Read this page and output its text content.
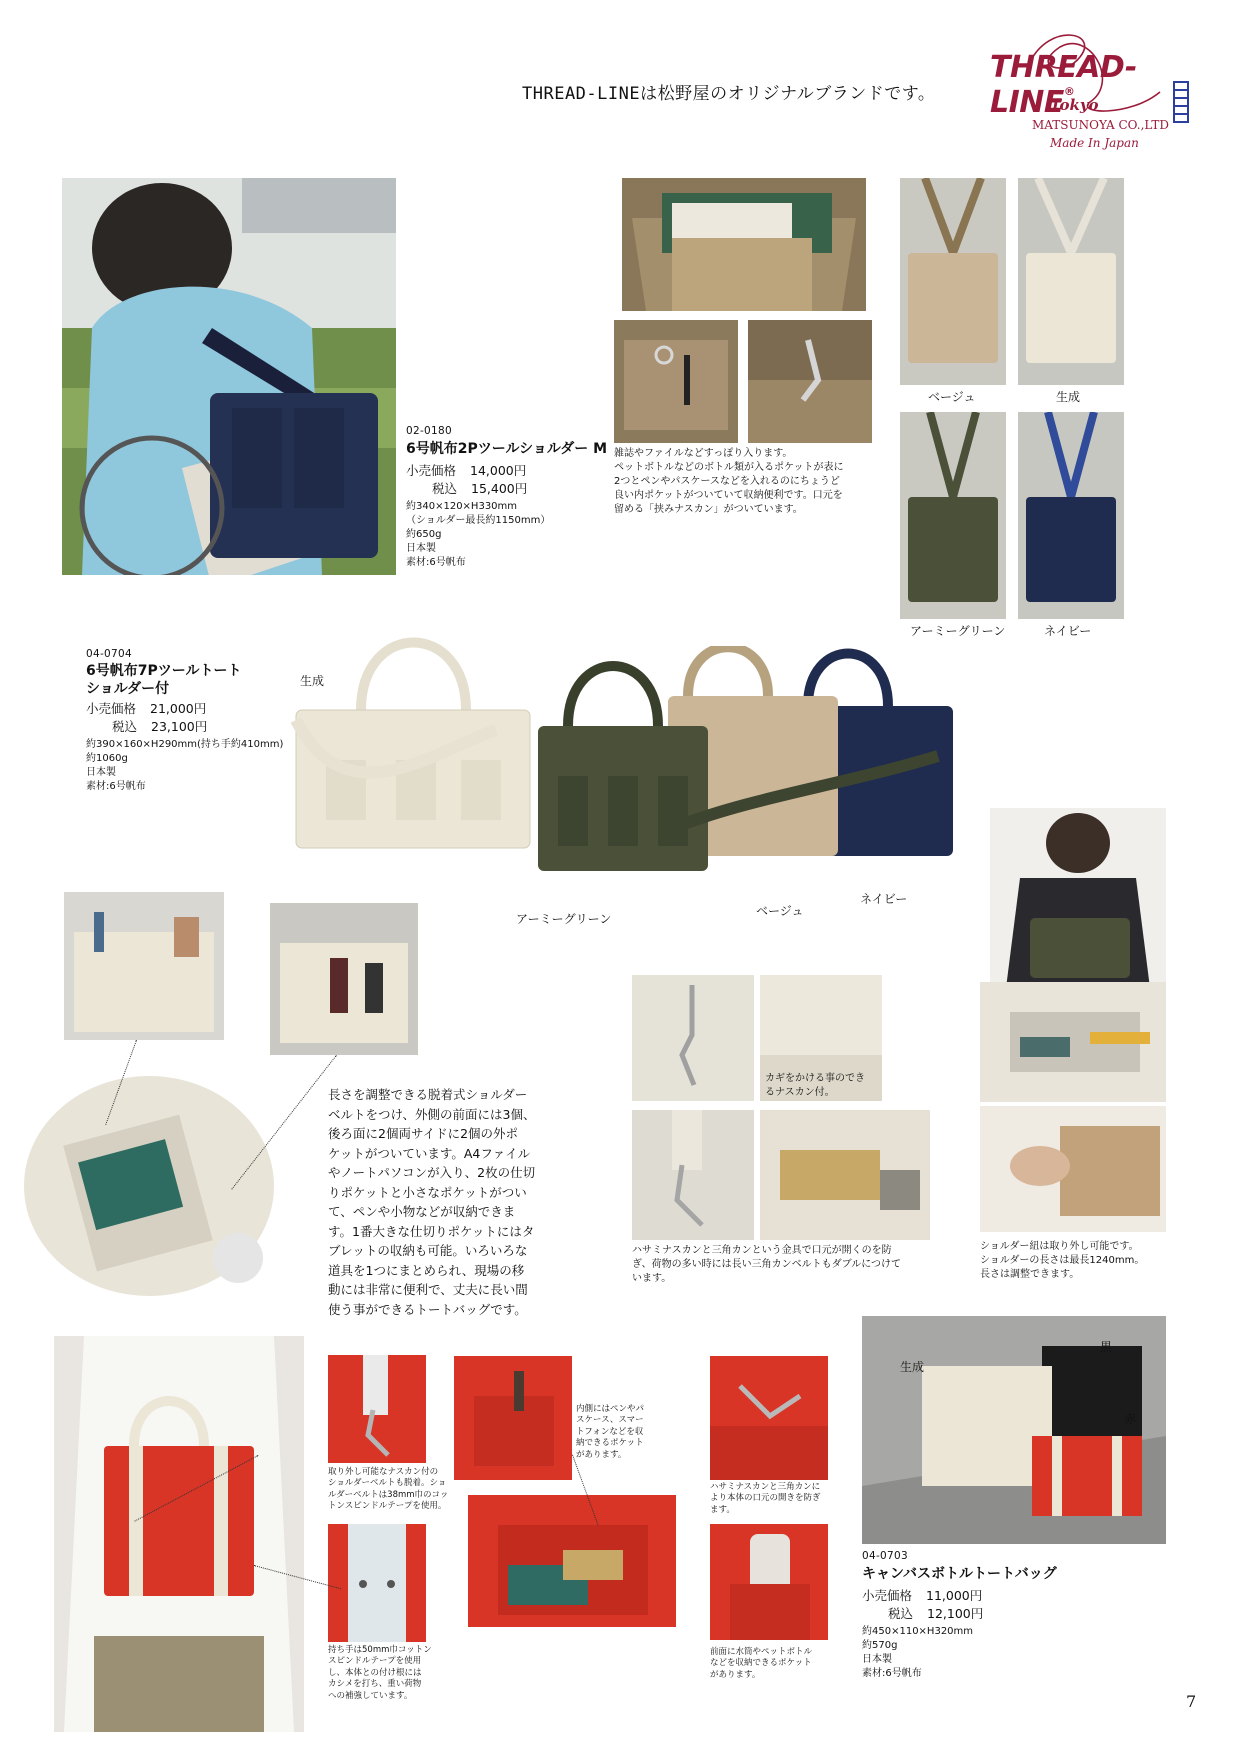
THREAD-LINEは松野屋のオリジナルブランドです。
THREAD-LINE®
Tokyo
MATSUNOYA CO.,LTD
Made In Japan
02-0180
6号帆布2Pツールショルダー M
小売価格 14,000円
税込 15,400円
約340×120×H330mm
（ショルダー最長約1150mm）
約650g
日本製
素材:6号帆布
雑誌やファイルなどすっぽり入ります。
ペットボトルなどのボトル類が入るポケットが表に
2つとペンやパスケースなどを入れるのにちょうど
良い内ポケットがついていて収納便利です。口元を
留める「挟みナスカン」がついています。
ベージュ	生成
アーミーグリーン	ネイビー
04-0704
6号帆布7Pツールトート
ショルダー付
小売価格 21,000円
税込 23,100円
約390×160×H290mm(持ち手約410mm)
約1060g
日本製
素材:6号帆布
生成
アーミーグリーン
ベージュ
ネイビー
長さを調整できる脱着式ショルダー
ベルトをつけ、外側の前面には3個、
後ろ面に2個両サイドに2個の外ポ
ケットがついています。A4ファイル
やノートパソコンが入り、2枚の仕切
りポケットと小さなポケットがつい
て、ペンや小物などが収納できま
す。1番大きな仕切りポケットにはタ
ブレットの収納も可能。いろいろな
道具を1つにまとめられ、現場の移
動には非常に便利で、丈夫に長い間
使う事ができるトートバッグです。
カギをかける事のでき
るナスカン付。
ハサミナスカンと三角カンという金具で口元が開くのを防
ぎ、荷物の多い時には長い三角カンベルトもダブルにつけて
います。
ショルダー紐は取り外し可能です。
ショルダーの長さは最長1240mm。
長さは調整できます。
取り外し可能なナスカン付の
ショルダーベルトも脱着。ショ
ルダーベルトは38mm巾のコッ
トンスピンドルテープを使用。
持ち手は50mm巾コットン
スピンドルテープを使用
し、本体との付け根には
カシメを打ち、重い荷物
への補強しています。
内側にはペンやパ
スケース、スマー
トフォンなどを収
納できるポケット
があります。
ハサミナスカンと三角カンに
より本体の口元の開きを防ぎ
ます。
前面に水筒やペットボトル
などを収納できるポケット
があります。
生成
黒
赤
04-0703
キャンバスボトルトートバッグ
小売価格 11,000円
税込 12,100円
約450×110×H320mm
約570g
日本製
素材:6号帆布
7
